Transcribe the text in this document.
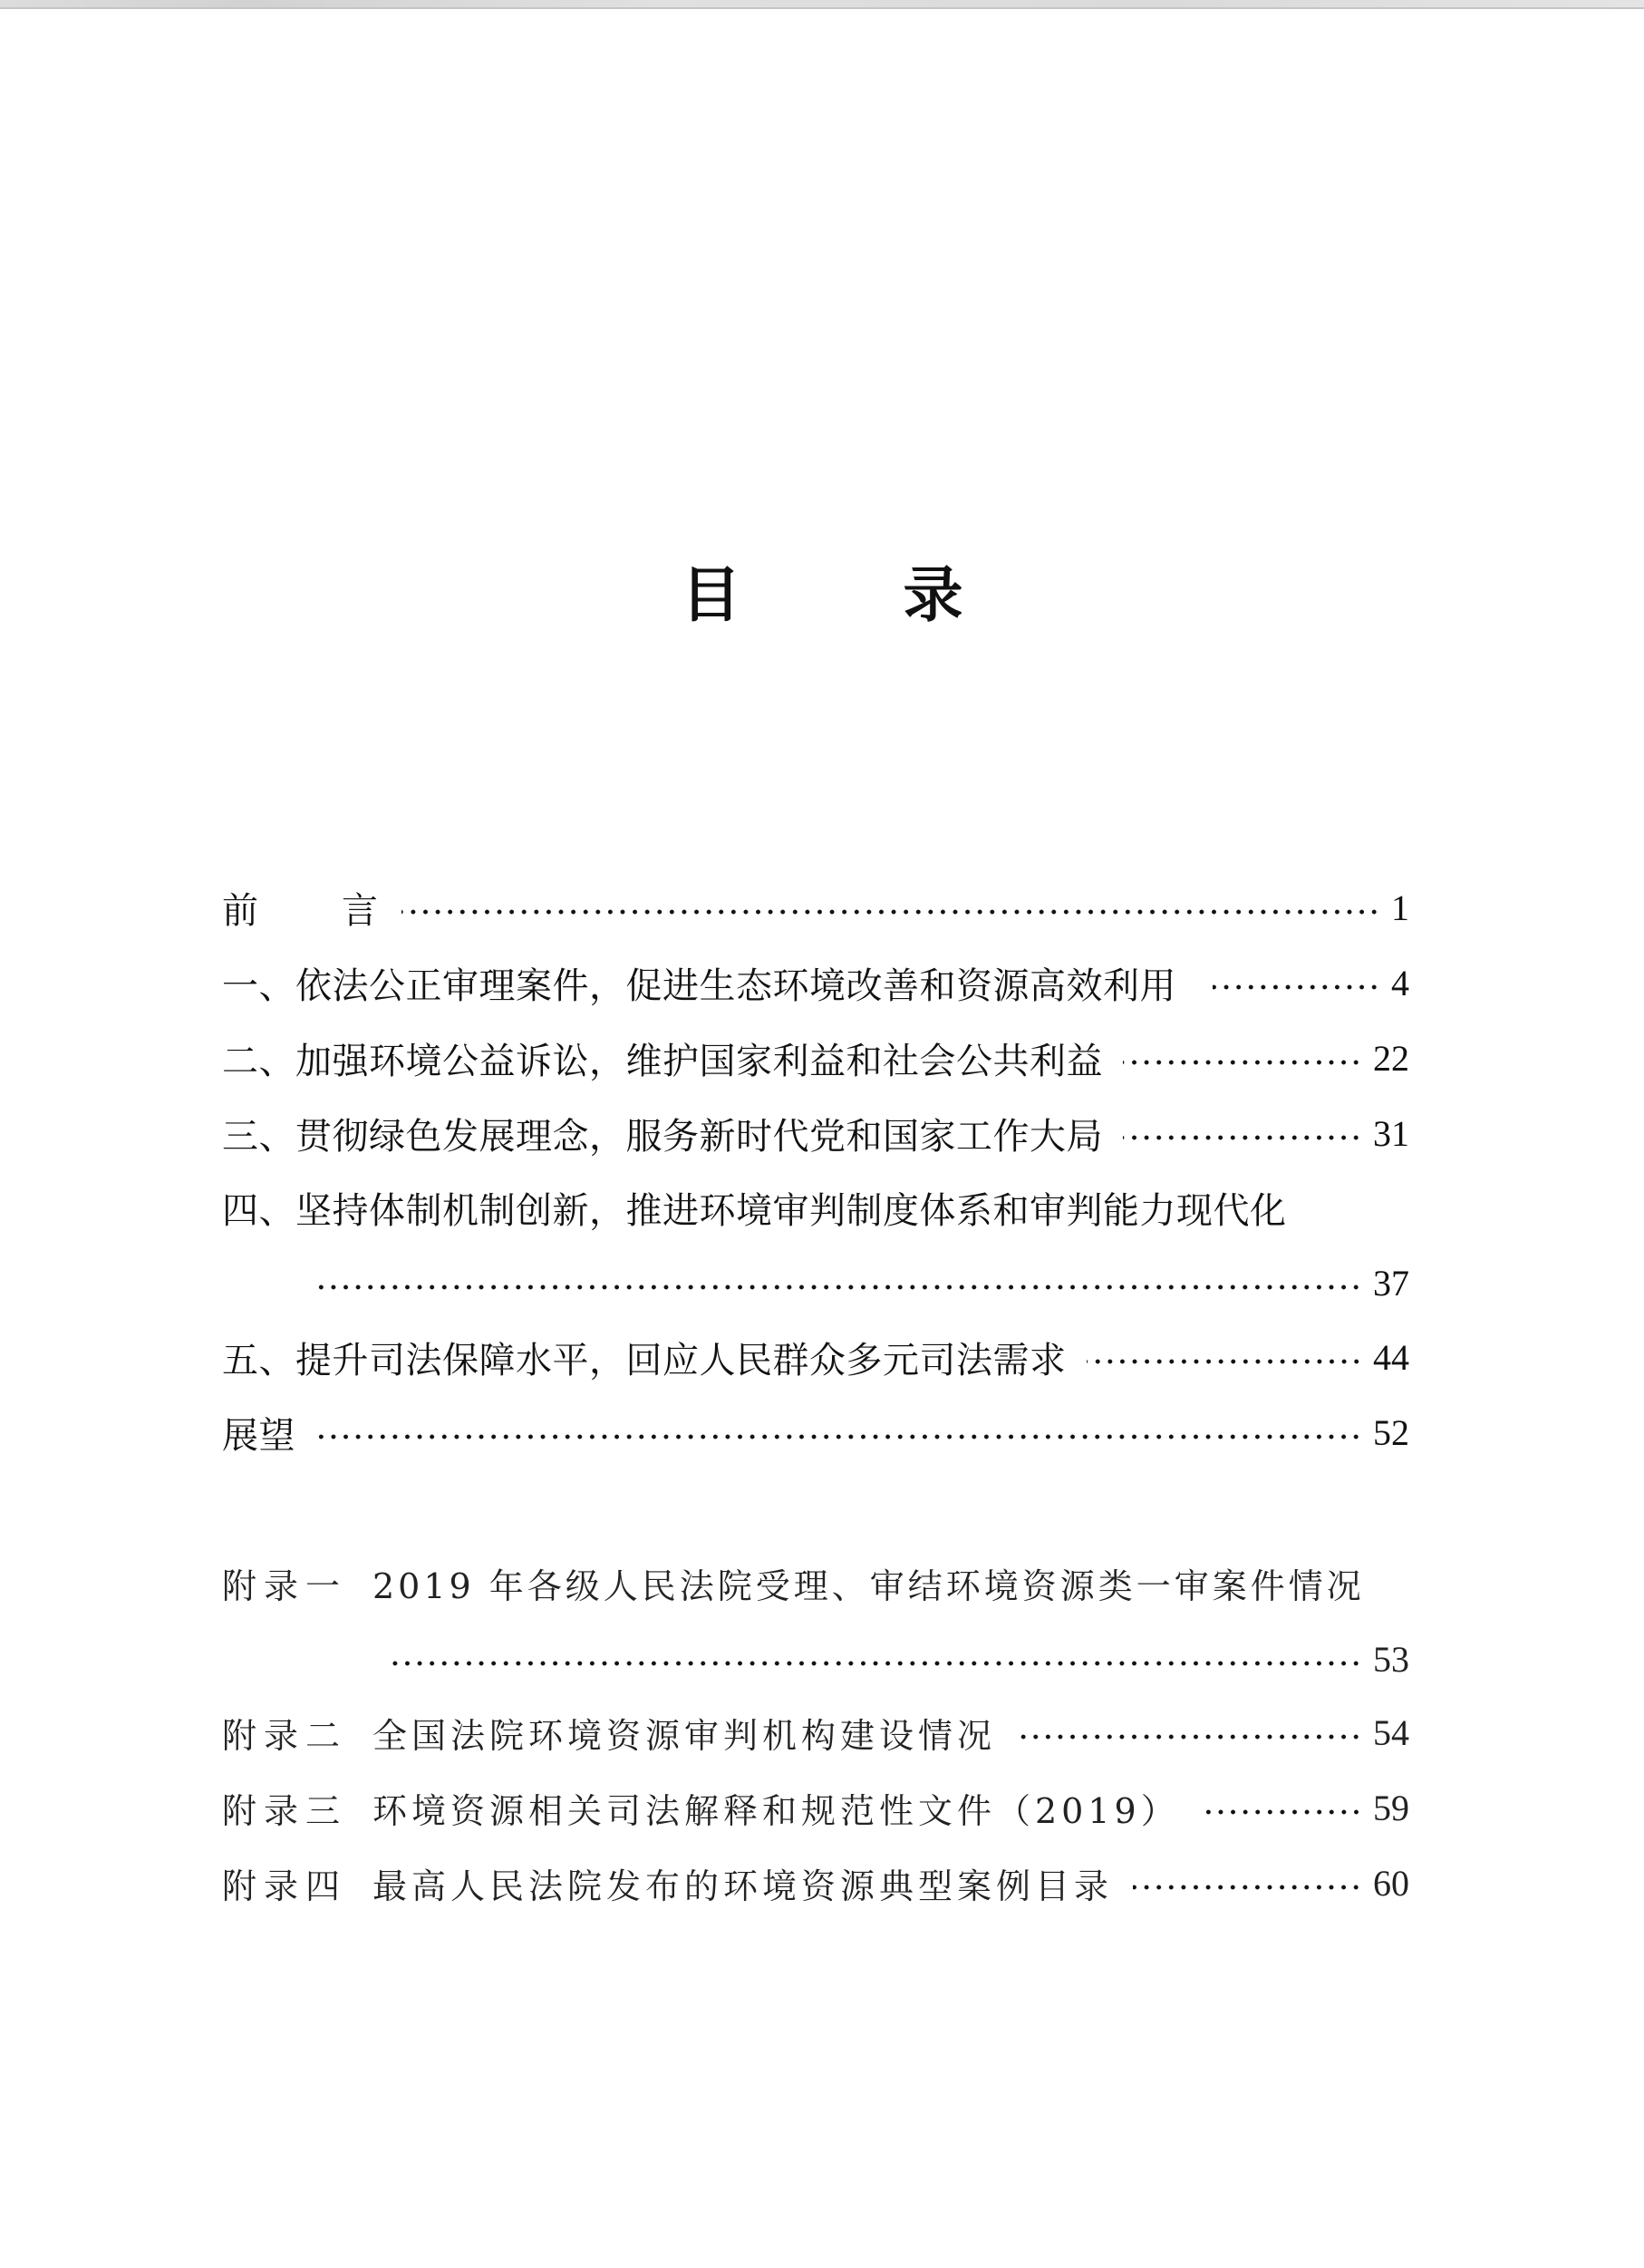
目 录
前　言	1
一、依法公正审理案件，促进生态环境改善和资源高效利用	4
二、加强环境公益诉讼，维护国家利益和社会公共利益	22
三、贯彻绿色发展理念，服务新时代党和国家工作大局	31
四、坚持体制机制创新，推进环境审判制度体系和审判能力现代化
37
五、提升司法保障水平，回应人民群众多元司法需求	44
展望	52
附录一 2019 年各级人民法院受理、审结环境资源类一审案件情况
53
附录二 全国法院环境资源审判机构建设情况	54
附录三 环境资源相关司法解释和规范性文件（2019）	59
附录四 最高人民法院发布的环境资源典型案例目录	60
